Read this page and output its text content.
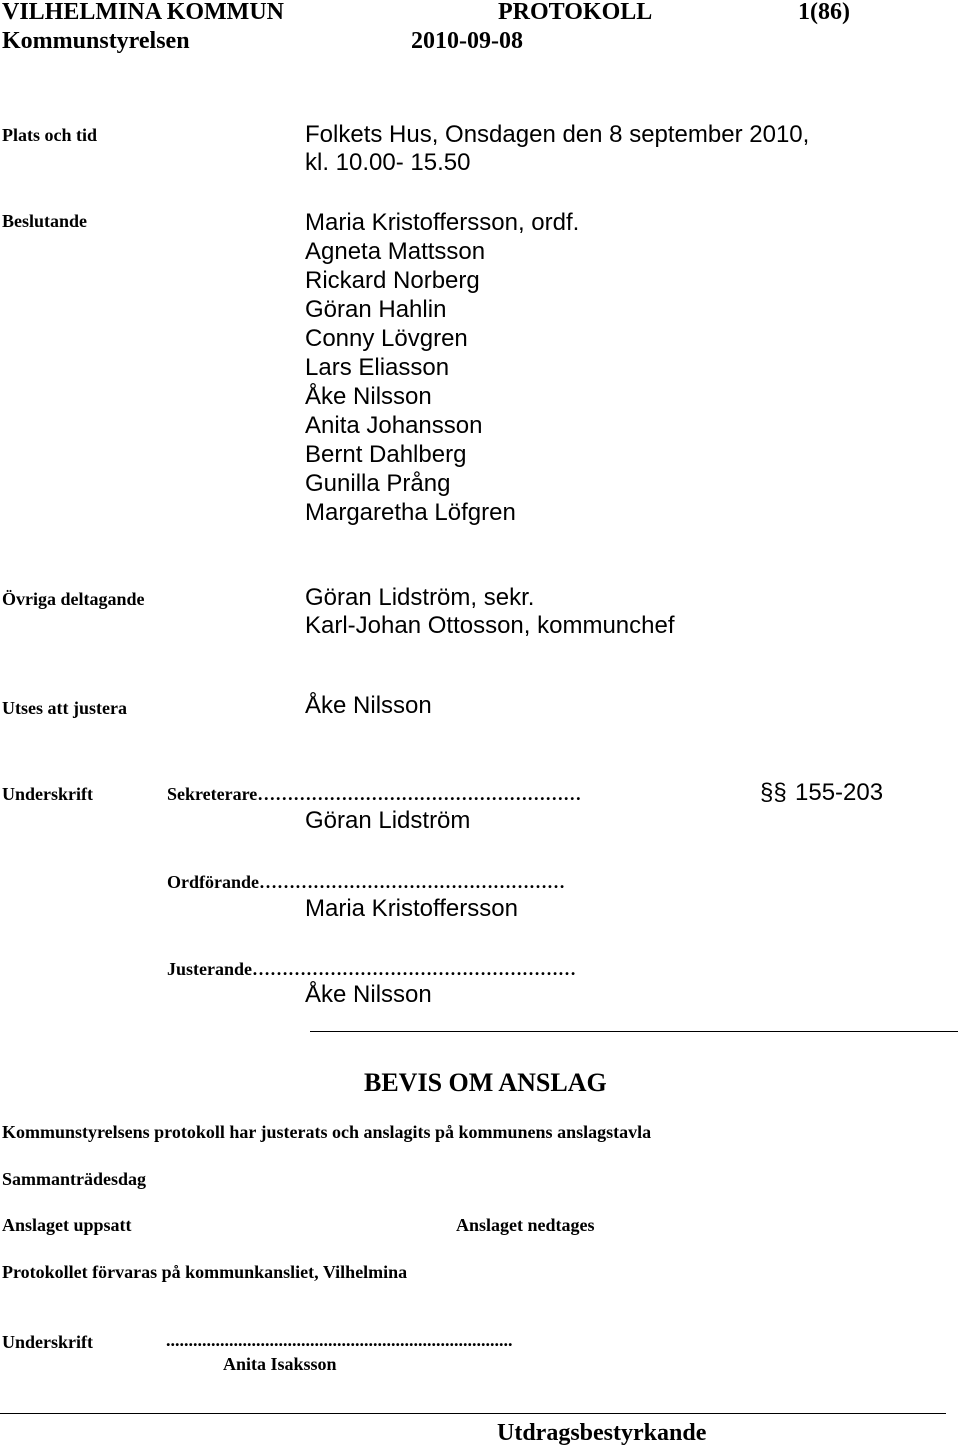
VILHELMINA KOMMUN	PROTOKOLL	1(86)
Kommunstyrelsen	2010-09-08
Plats och tid	Folkets Hus, Onsdagen den 8 september 2010,
kl. 10.00- 15.50
Beslutande	Maria Kristoffersson, ordf.
Agneta Mattsson
Rickard Norberg
Göran Hahlin
Conny Lövgren
Lars Eliasson
Åke Nilsson
Anita Johansson
Bernt Dahlberg
Gunilla Prång
Margaretha Löfgren
Övriga deltagande	Göran Lidström, sekr.
Karl-Johan Ottosson, kommunchef
Utses att justera	Åke Nilsson
Underskrift	Sekreterare………………………………………………	§§ 155-203
Göran Lidström
Ordförande……………………………………………
Maria Kristoffersson
Justerande………………………………………………
Åke Nilsson
BEVIS OM ANSLAG
Kommunstyrelsens protokoll har justerats och anslagits på kommunens anslagstavla
Sammanträdesdag
Anslaget uppsatt	Anslaget nedtages
Protokollet förvaras på kommunkansliet, Vilhelmina
Underskrift	.............................................................................
Anita Isaksson
Utdragsbestyrkande
